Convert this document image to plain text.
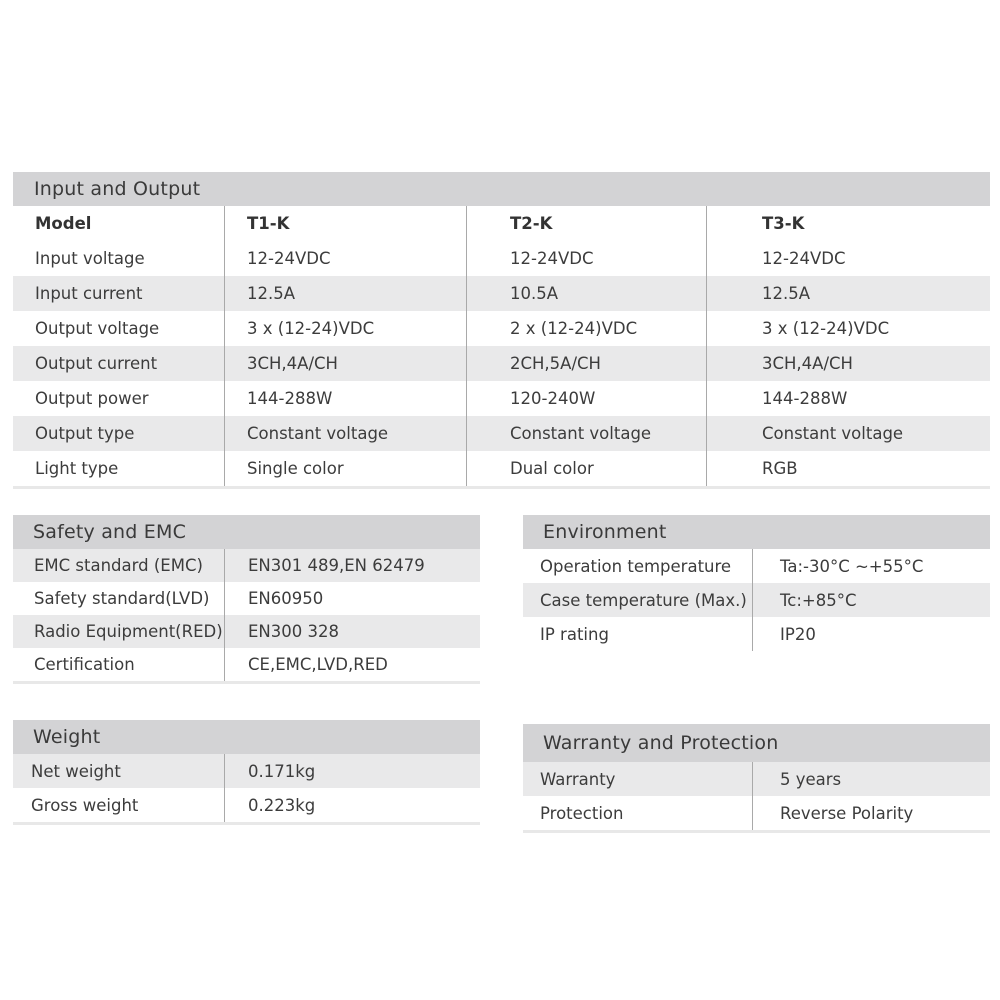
Input and Output
Model	T1-K	T2-K	T3-K
Input voltage	12-24VDC	12-24VDC	12-24VDC
Input current	12.5A	10.5A	12.5A
Output voltage	3 x (12-24)VDC	2 x (12-24)VDC	3 x (12-24)VDC
Output current	3CH,4A/CH	2CH,5A/CH	3CH,4A/CH
Output power	144-288W	120-240W	144-288W
Output type	Constant voltage	Constant voltage	Constant voltage
Light type	Single color	Dual color	RGB
Safety and EMC
EMC standard (EMC)	EN301 489,EN 62479
Safety standard(LVD)	EN60950
Radio Equipment(RED)	EN300 328
Certification	CE,EMC,LVD,RED
Environment
Operation temperature	Ta:-30°C ~+55°C
Case temperature (Max.)	Tc:+85°C
IP rating	IP20
Weight
Net weight	0.171kg
Gross weight	0.223kg
Warranty and Protection
Warranty	5 years
Protection	Reverse Polarity
